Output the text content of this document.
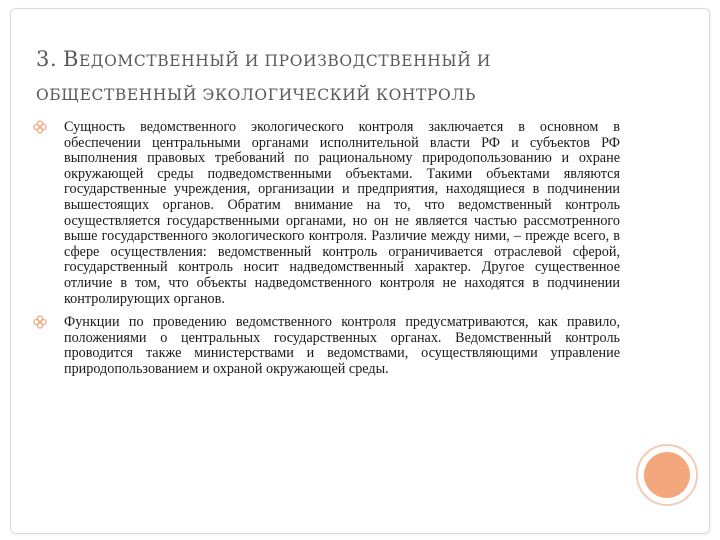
3. ВЕДОМСТВЕННЫЙ И ПРОИЗВОДСТВЕННЫЙ И
ОБЩЕСТВЕННЫЙ ЭКОЛОГИЧЕСКИЙ КОНТРОЛЬ
Сущность ведомственного экологического контроля заключается в основном в обеспечении центральными органами исполнительной власти РФ и субъектов РФ выполнения правовых требований по рациональному природопользованию и охране окружающей среды подведомственными объектами. Такими объектами являются государственные учреждения, организации и предприятия, находящиеся в подчинении вышестоящих органов. Обратим внимание на то, что ведомственный контроль осуществляется государственными органами, но он не является частью рассмотренного выше государственного экологического контроля. Различие между ними, – прежде всего, в сфере осуществления: ведомственный контроль ограничивается отраслевой сферой, государственный контроль носит надведомственный характер. Другое существенное отличие в том, что объекты надведомственного контроля не находятся в подчинении контролирующих органов.
Функции по проведению ведомственного контроля предусматриваются, как правило, положениями о центральных государственных органах. Ведомственный контроль проводится также министерствами и ведомствами, осуществляющими управление природопользованием и охраной окружающей среды.
